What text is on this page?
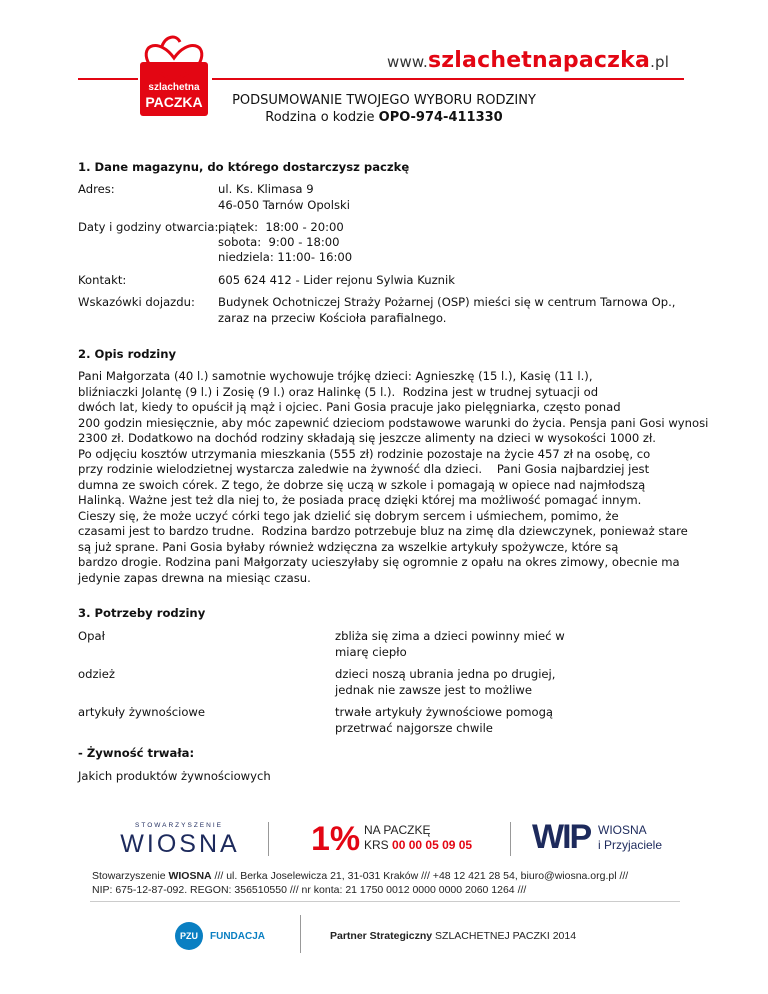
szlachetna
PACZKA
www.szlachetnapaczka.pl
PODSUMOWANIE TWOJEGO WYBORU RODZINY
Rodzina o kodzie OPO-974-411330
1. Dane magazynu, do którego dostarczysz paczkę
Adres:	ul. Ks. Klimasa 9
46-050 Tarnów Opolski
Daty i godziny otwarcia: piątek:  18:00 - 20:00
sobota:  9:00 - 18:00
niedziela: 11:00- 16:00
Kontakt:	605 624 412 - Lider rejonu Sylwia Kuznik
Wskazówki dojazdu: Budynek Ochotniczej Straży Pożarnej (OSP) mieści się w centrum Tarnowa Op.,
zaraz na przeciw Kościoła parafialnego.
2. Opis rodziny
Pani Małgorzata (40 l.) samotnie wychowuje trójkę dzieci: Agnieszkę (15 l.), Kasię (11 l.),
bliźniaczki Jolantę (9 l.) i Zosię (9 l.) oraz Halinkę (5 l.).  Rodzina jest w trudnej sytuacji od
dwóch lat, kiedy to opuścił ją mąż i ojciec. Pani Gosia pracuje jako pielęgniarka, często ponad
200 godzin miesięcznie, aby móc zapewnić dzieciom podstawowe warunki do życia. Pensja pani Gosi wynosi
2300 zł. Dodatkowo na dochód rodziny składają się jeszcze alimenty na dzieci w wysokości 1000 zł.
Po odjęciu kosztów utrzymania mieszkania (555 zł) rodzinie pozostaje na życie 457 zł na osobę, co
przy rodzinie wielodzietnej wystarcza zaledwie na żywność dla dzieci.    Pani Gosia najbardziej jest
dumna ze swoich córek. Z tego, że dobrze się uczą w szkole i pomagają w opiece nad najmłodszą
Halinką. Ważne jest też dla niej to, że posiada pracę dzięki której ma możliwość pomagać innym.
Cieszy się, że może uczyć córki tego jak dzielić się dobrym sercem i uśmiechem, pomimo, że
czasami jest to bardzo trudne.  Rodzina bardzo potrzebuje bluz na zimę dla dziewczynek, ponieważ stare
są już sprane. Pani Gosia byłaby również wdzięczna za wszelkie artykuły spożywcze, które są
bardzo drogie. Rodzina pani Małgorzaty ucieszyłaby się ogromnie z opału na okres zimowy, obecnie ma
jedynie zapas drewna na miesiąc czasu.
3. Potrzeby rodziny
Opał	zbliża się zima a dzieci powinny mieć w
miarę ciepło
odzież	dzieci noszą ubrania jedna po drugiej,
jednak nie zawsze jest to możliwe
artykuły żywnościowe	trwałe artykuły żywnościowe pomogą
przetrwać najgorsze chwile
- Żywność trwała:
Jakich produktów żywnościowych
STOWARZYSZENIE
WIOSNA 1% NA PACZKĘ
KRS 00 00 05 09 05 WIP WIOSNA
i Przyjaciele
Stowarzyszenie WIOSNA /// ul. Berka Joselewicza 21, 31-031 Kraków /// +48 12 421 28 54, biuro@wiosna.org.pl ///
NIP: 675-12-87-092. REGON: 356510550 /// nr konta: 21 1750 0012 0000 0000 2060 1264 ///
PZU	FUNDACJA	Partner Strategiczny SZLACHETNEJ PACZKI 2014
